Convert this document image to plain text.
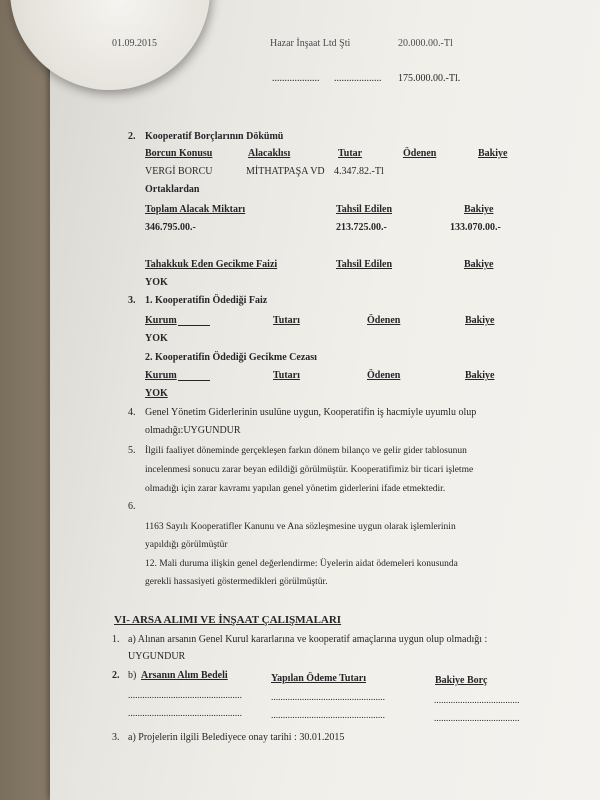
01.09.2015	Hazar İnşaat Ltd Şti	20.000.00.-Tl
................... ................... 175.000.00.-Tl.
2. Kooperatif Borçlarının Dökümü
Borcun Konusu	Alacaklısı	Tutar	Ödenen	Bakiye
VERGİ BORCU	MİTHATPAŞA VD 4.347.82.-Tl
Ortaklardan
Toplam Alacak Miktarı	Tahsil Edilen	Bakiye
346.795.00.-	213.725.00.-	133.070.00.-
Tahakkuk Eden Gecikme Faizi	Tahsil Edilen	Bakiye
YOK
3. 1. Kooperatifin Ödediği Faiz
Kurum	Tutarı	Ödenen	Bakiye
YOK
2. Kooperatifin Ödediği Gecikme Cezası
Kurum	Tutarı	Ödenen	Bakiye
YOK
4. Genel Yönetim Giderlerinin usulüne uygun, Kooperatifin iş hacmiyle uyumlu olup
olmadığı:UYGUNDUR
5. İlgili faaliyet döneminde gerçekleşen farkın dönem bilanço ve gelir gider tablosunun
incelenmesi sonucu zarar beyan edildiği görülmüştür. Kooperatifimiz bir ticari işletme
olmadığı için zarar kavramı yapılan genel yönetim giderlerini ifade etmektedir.
6.
1163 Sayılı Kooperatifler Kanunu ve Ana sözleşmesine uygun olarak işlemlerinin
yapıldığı görülmüştür
12. Mali duruma ilişkin genel değerlendirme: Üyelerin aidat ödemeleri konusunda
gerekli hassasiyeti göstermedikleri görülmüştür.
VI- ARSA ALIMI VE İNŞAAT ÇALIŞMALARI
1. a) Alınan arsanın Genel Kurul kararlarına ve kooperatif amaçlarına uygun olup olmadığı :
UYGUNDUR
2. b) Arsanın Alım Bedeli	Yapılan Ödeme Tutarı	Bakiye Borç
................................................	................................................	....................................
................................................	................................................	....................................
3. a) Projelerin ilgili Belediyece onay tarihi : 30.01.2015
